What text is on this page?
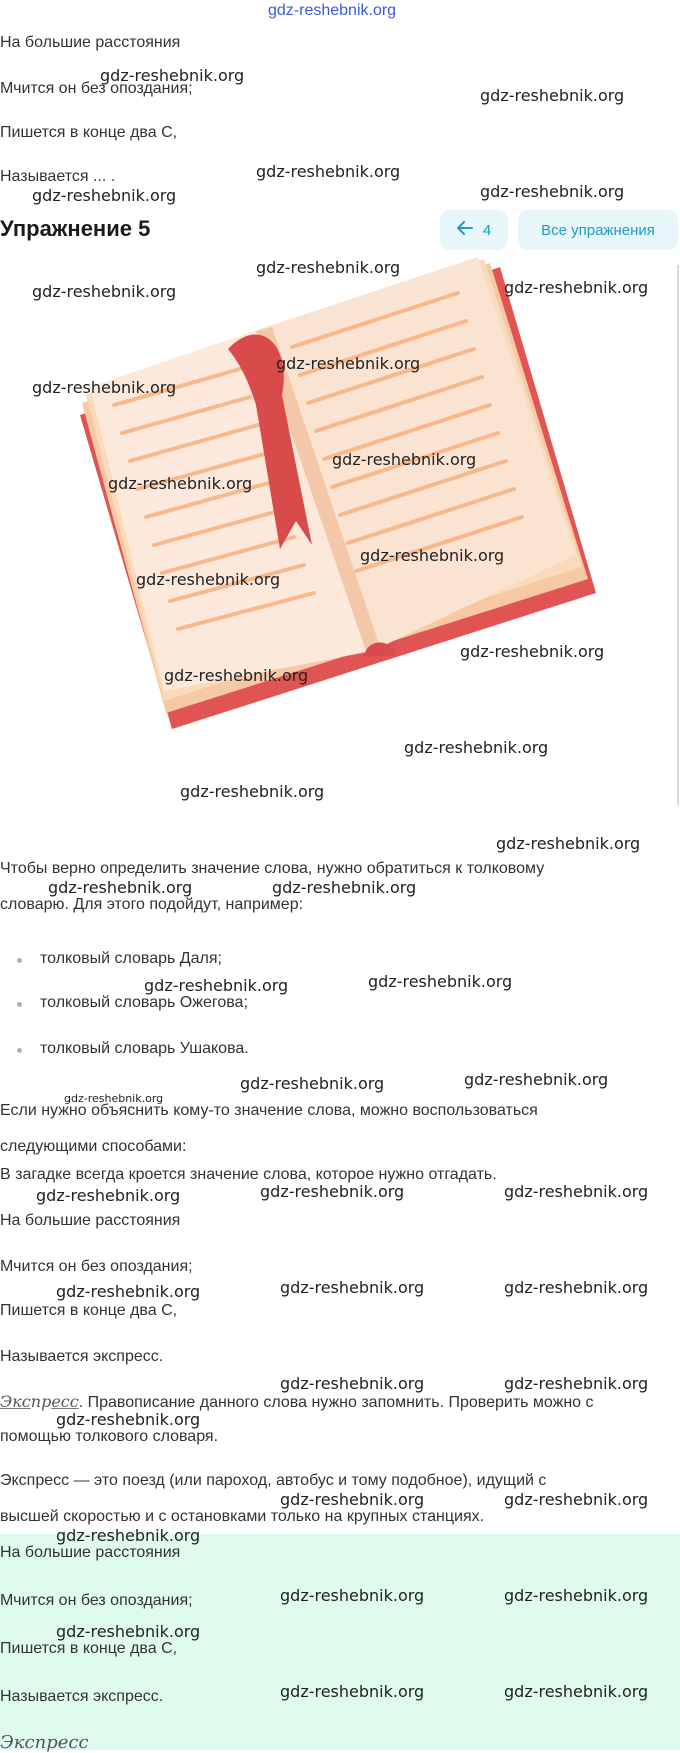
gdz-reshebnik.org
На большие расстояния
Мчится он без опоздания;
Пишется в конце два С,
Называется ... .
Упражнение 5	4	Все упражнения
Чтобы верно определить значение слова, нужно обратиться к толковому
словарю. Для этого подойдут, например:
толковый словарь Даля;
толковый словарь Ожегова;
толковый словарь Ушакова.
Если нужно объяснить кому-то значение слова, можно воспользоваться
следующими способами:
В загадке всегда кроется значение слова, которое нужно отгадать.
На большие расстояния
Мчится он без опоздания;
Пишется в конце два С,
Называется экспресс.
Экспресс. Правописание данного слова нужно запомнить. Проверить можно с
помощью толкового словаря.
Экспресс — это поезд (или пароход, автобус и тому подобное), идущий с
высшей скоростью и с остановками только на крупных станциях.
На большие расстояния
Мчится он без опоздания;
Пишется в конце два С,
Называется экспресс.
Экспресс
gdz-reshebnik.org
gdz-reshebnik.org
gdz-reshebnik.org
gdz-reshebnik.org
gdz-reshebnik.org
gdz-reshebnik.org
gdz-reshebnik.org	gdz-reshebnik.org
gdz-reshebnik.org
gdz-reshebnik.org
gdz-reshebnik.org
gdz-reshebnik.org
gdz-reshebnik.org
gdz-reshebnik.org
gdz-reshebnik.org
gdz-reshebnik.org
gdz-reshebnik.org
gdz-reshebnik.org
gdz-reshebnik.org
gdz-reshebnik.org	gdz-reshebnik.org
gdz-reshebnik.org	gdz-reshebnik.org
gdz-reshebnik.org
gdz-reshebnik.org	gdz-reshebnik.org
gdz-reshebnik.org	gdz-reshebnik.org	gdz-reshebnik.org
gdz-reshebnik.org	gdz-reshebnik.org	gdz-reshebnik.org
gdz-reshebnik.org	gdz-reshebnik.org
gdz-reshebnik.org
gdz-reshebnik.org	gdz-reshebnik.org
gdz-reshebnik.org
gdz-reshebnik.org	gdz-reshebnik.org
gdz-reshebnik.org
gdz-reshebnik.org	gdz-reshebnik.org
